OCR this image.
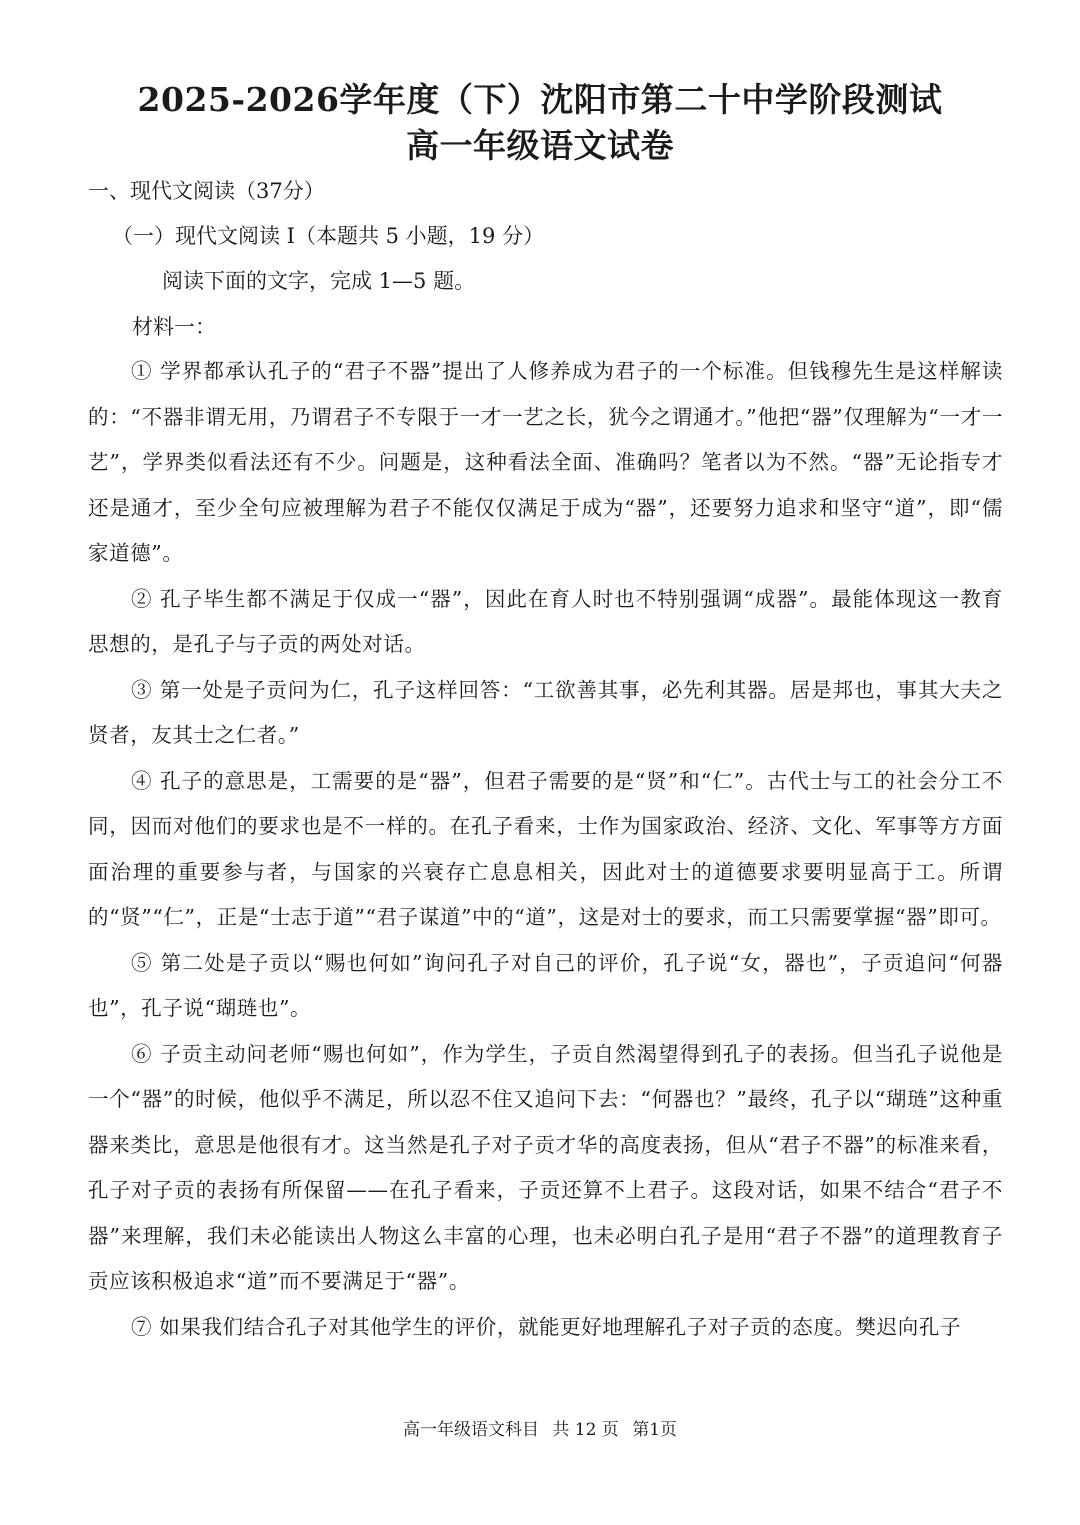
2025-2026学年度（下）沈阳市第二十中学阶段测试
高一年级语文试卷
一、现代文阅读（37分）
（一）现代文阅读 I（本题共 5 小题，19 分）
阅读下面的文字，完成 1—5 题。
材料一：

① 学界都承认孔子的“君子不器”提出了人修养成为君子的一个标准。但钱穆先生是这样解读的：“不器非谓无用，乃谓君子不专限于一才一艺之长，犹今之谓通才。”他把“器”仅理解为“一才一艺”，学界类似看法还有不少。问题是，这种看法全面、准确吗？笔者以为不然。“器”无论指专才还是通才，至少全句应被理解为君子不能仅仅满足于成为“器”，还要努力追求和坚守“道”，即“儒家道德”。

② 孔子毕生都不满足于仅成一“器”，因此在育人时也不特别强调“成器”。最能体现这一教育思想的，是孔子与子贡的两处对话。

③ 第一处是子贡问为仁，孔子这样回答：“工欲善其事，必先利其器。居是邦也，事其大夫之贤者，友其士之仁者。”

④ 孔子的意思是，工需要的是“器”，但君子需要的是“贤”和“仁”。古代士与工的社会分工不同，因而对他们的要求也是不一样的。在孔子看来，士作为国家政治、经济、文化、军事等方方面面治理的重要参与者，与国家的兴衰存亡息息相关，因此对士的道德要求要明显高于工。所谓的“贤”“仁”，正是“士志于道”“君子谋道”中的“道”，这是对士的要求，而工只需要掌握“器”即可。

⑤ 第二处是子贡以“赐也何如”询问孔子对自己的评价，孔子说“女，器也”，子贡追问“何器也”，孔子说“瑚琏也”。

⑥ 子贡主动问老师“赐也何如”，作为学生，子贡自然渴望得到孔子的表扬。但当孔子说他是一个“器”的时候，他似乎不满足，所以忍不住又追问下去：“何器也？”最终，孔子以“瑚琏”这种重器来类比，意思是他很有才。这当然是孔子对子贡才华的高度表扬，但从“君子不器”的标准来看，孔子对子贡的表扬有所保留——在孔子看来，子贡还算不上君子。这段对话，如果不结合“君子不器”来理解，我们未必能读出人物这么丰富的心理，也未必明白孔子是用“君子不器”的道理教育子贡应该积极追求“道”而不要满足于“器”。

⑦ 如果我们结合孔子对其他学生的评价，就能更好地理解孔子对子贡的态度。樊迟向孔子

高一年级语文科目 共 12 页 第1页
